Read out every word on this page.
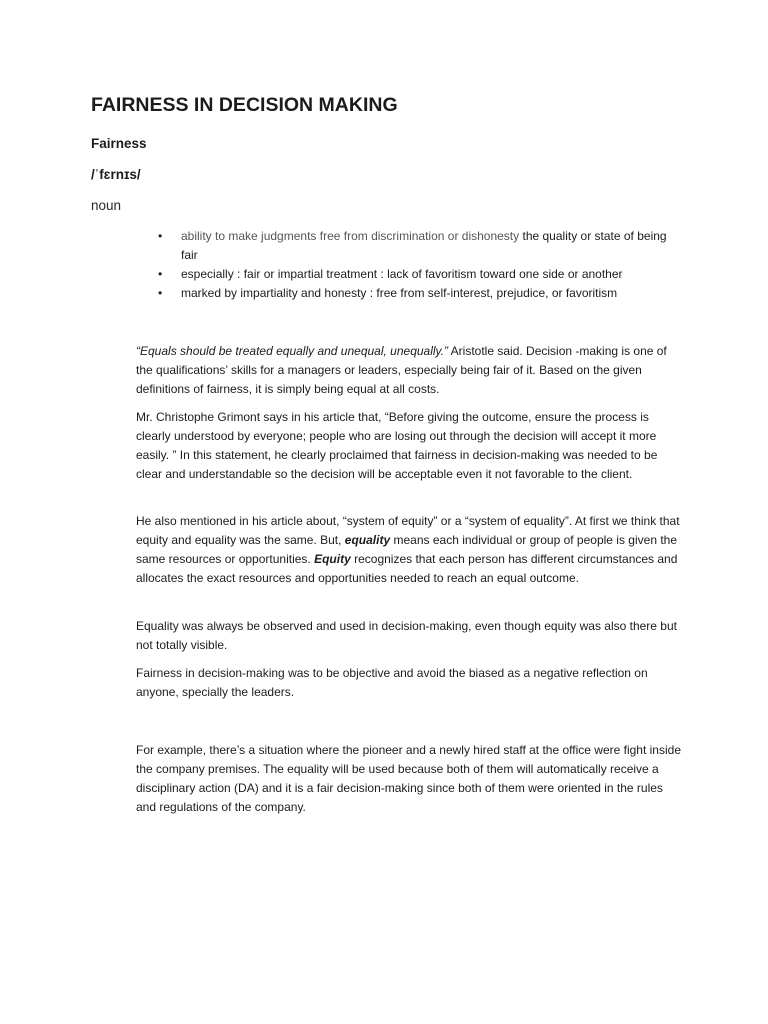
FAIRNESS IN DECISION MAKING

Fairness

/ˈfɛrnɪs/

noun

• ability to make judgments free from discrimination or dishonesty the quality or state of being fair
• especially : fair or impartial treatment : lack of favoritism toward one side or another
• marked by impartiality and honesty : free from self-interest, prejudice, or favoritism

“Equals should be treated equally and unequal, unequally.” Aristotle said. Decision -making is one of the qualifications’ skills for a managers or leaders, especially being fair of it. Based on the given definitions of fairness, it is simply being equal at all costs.

Mr. Christophe Grimont says in his article that, “Before giving the outcome, ensure the process is clearly understood by everyone; people who are losing out through the decision will accept it more easily. ” In this statement, he clearly proclaimed that fairness in decision-making was needed to be clear and understandable so the decision will be acceptable even it not favorable to the client.

He also mentioned in his article about, “system of equity” or a “system of equality”. At first we think that equity and equality was the same. But, equality means each individual or group of people is given the same resources or opportunities. Equity recognizes that each person has different circumstances and allocates the exact resources and opportunities needed to reach an equal outcome.

Equality was always be observed and used in decision-making, even though equity was also there but not totally visible.

Fairness in decision-making was to be objective and avoid the biased as a negative reflection on anyone, specially the leaders.

For example, there’s a situation where the pioneer and a newly hired staff at the office were fight inside the company premises. The equality will be used because both of them will automatically receive a disciplinary action (DA) and it is a fair decision-making since both of them were oriented in the rules and regulations of the company.
